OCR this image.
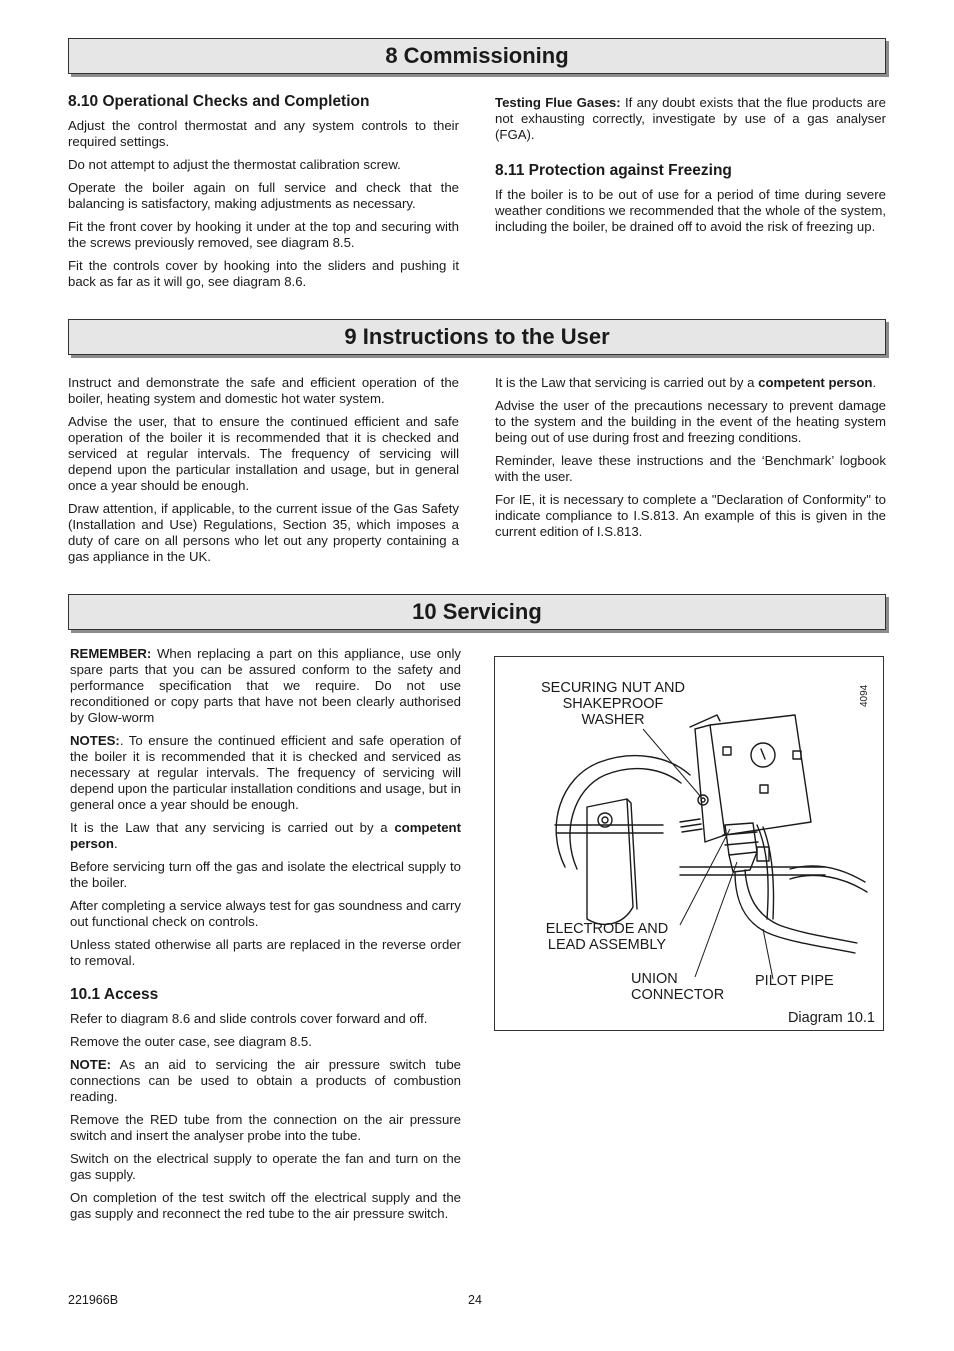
8 Commissioning
8.10 Operational Checks and Completion

Adjust the control thermostat and any system controls to their required settings.

Do not attempt to adjust the thermostat calibration screw.

Operate the boiler again on full service and check that the balancing is satisfactory, making adjustments as necessary.

Fit the front cover by hooking it under at the top and securing with the screws previously removed, see diagram 8.5.

Fit the controls cover by hooking into the sliders and pushing it back as far as it will go, see diagram 8.6.

Testing Flue Gases: If any doubt exists that the flue products are not exhausting correctly, investigate by use of a gas analyser (FGA).

8.11 Protection against Freezing

If the boiler is to be out of use for a period of time during severe weather conditions we recommended that the whole of the system, including the boiler, be drained off to avoid the risk of freezing up.

9 Instructions to the User

Instruct and demonstrate the safe and efficient operation of the boiler, heating system and domestic hot water system.

Advise the user, that to ensure the continued efficient and safe operation of the boiler it is recommended that it is checked and serviced at regular intervals. The frequency of servicing will depend upon the particular installation and usage, but in general once a year should be enough.

Draw attention, if applicable, to the current issue of the Gas Safety (Installation and Use) Regulations, Section 35, which imposes a duty of care on all persons who let out any property containing a gas appliance in the UK.

It is the Law that servicing is carried out by a competent person.

Advise the user of the precautions necessary to prevent damage to the system and the building in the event of the heating system being out of use during frost and freezing conditions.

Reminder, leave these instructions and the ‘Benchmark’ logbook with the user.

For IE, it is necessary to complete a "Declaration of Conformity" to indicate compliance to I.S.813. An example of this is given in the current edition of I.S.813.

10 Servicing

REMEMBER: When replacing a part on this appliance, use only spare parts that you can be assured conform to the safety and performance specification that we require. Do not use reconditioned or copy parts that have not been clearly authorised by Glow-worm

NOTES:. To ensure the continued efficient and safe operation of the boiler it is recommended that it is checked and serviced as necessary at regular intervals. The frequency of servicing will depend upon the particular installation conditions and usage, but in general once a year should be enough.

It is the Law that any servicing is carried out by a competent person.

Before servicing turn off the gas and isolate the electrical supply to the boiler.

After completing a service always test for gas soundness and carry out functional check on controls.

Unless stated otherwise all parts are replaced in the reverse order to removal.

10.1 Access

Refer to diagram 8.6 and slide controls cover forward and off.

Remove the outer case, see diagram 8.5.

NOTE: As an aid to servicing the air pressure switch tube connections can be used to obtain a products of combustion reading.

Remove the RED tube from the connection on the air pressure switch and insert the analyser probe into the tube.

Switch on the electrical supply to operate the fan and turn on the gas supply.

On completion of the test switch off the electrical supply and the gas supply and reconnect the red tube to the air pressure switch.

SECURING NUT AND
SHAKEPROOF
WASHER
ELECTRODE AND
LEAD ASSEMBLY
UNION
CONNECTOR
PILOT PIPE
Diagram 10.1
4094
221966B	24
